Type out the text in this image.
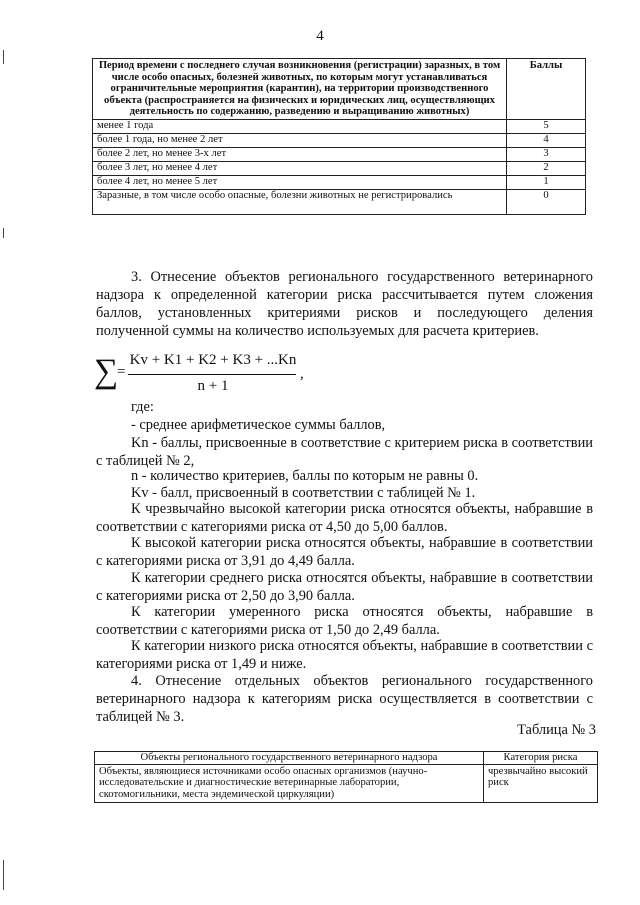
4
Период времени с последнего случая возникновения (регистрации) заразных, в том числе особо опасных, болезней животных, по которым могут устанавливаться ограничительные мероприятия (карантин), на территории производственного объекта (распространяется на физических и юридических лиц, осуществляющих деятельность по содержанию, разведению и выращиванию животных)	Баллы
менее 1 года	5
более 1 года, но менее 2 лет	4
более 2 лет, но менее 3-х лет	3
более 3 лет, но менее 4 лет	2
более 4 лет, но менее 5 лет	1
Заразные, в том числе особо опасные, болезни животных не регистрировались	0

3. Отнесение объектов регионального государственного ветеринарного надзора к определенной категории риска рассчитывается путем сложения баллов, установленных критериями рисков и последующего деления полученной суммы на количество используемых для расчета критериев.

∑
=
Kv + K1 + K2 + K3 + ...Kn
n + 1
,

где:

- среднее арифметическое суммы баллов,

Kn - баллы, присвоенные в соответствие с критерием риска в соответствии с таблицей № 2,

n - количество критериев, баллы по которым не равны 0.

Kv - балл, присвоенный в соответствии с таблицей № 1.

К чрезвычайно высокой категории риска относятся объекты, набравшие в соответствии с категориями риска от 4,50 до 5,00 баллов.

К высокой категории риска относятся объекты, набравшие в соответствии с категориями риска от 3,91 до 4,49 балла.

К категории среднего риска относятся объекты, набравшие в соответствии с категориями риска от 2,50 до 3,90 балла.

К категории умеренного риска относятся объекты, набравшие в соответствии с категориями риска от 1,50 до 2,49 балла.

К категории низкого риска относятся объекты, набравшие в соответствии с категориями риска от 1,49 и ниже.

4. Отнесение отдельных объектов регионального государственного ветеринарного надзора к категориям риска осуществляется в соответствии с таблицей № 3.

Таблица № 3
Объекты регионального государственного ветеринарного надзора	Категория риска
Объекты, являющиеся источниками особо опасных организмов (научно-исследовательские и диагностические ветеринарные лаборатории, скотомогильники, места эндемической циркуляции)	чрезвычайно высокий риск
